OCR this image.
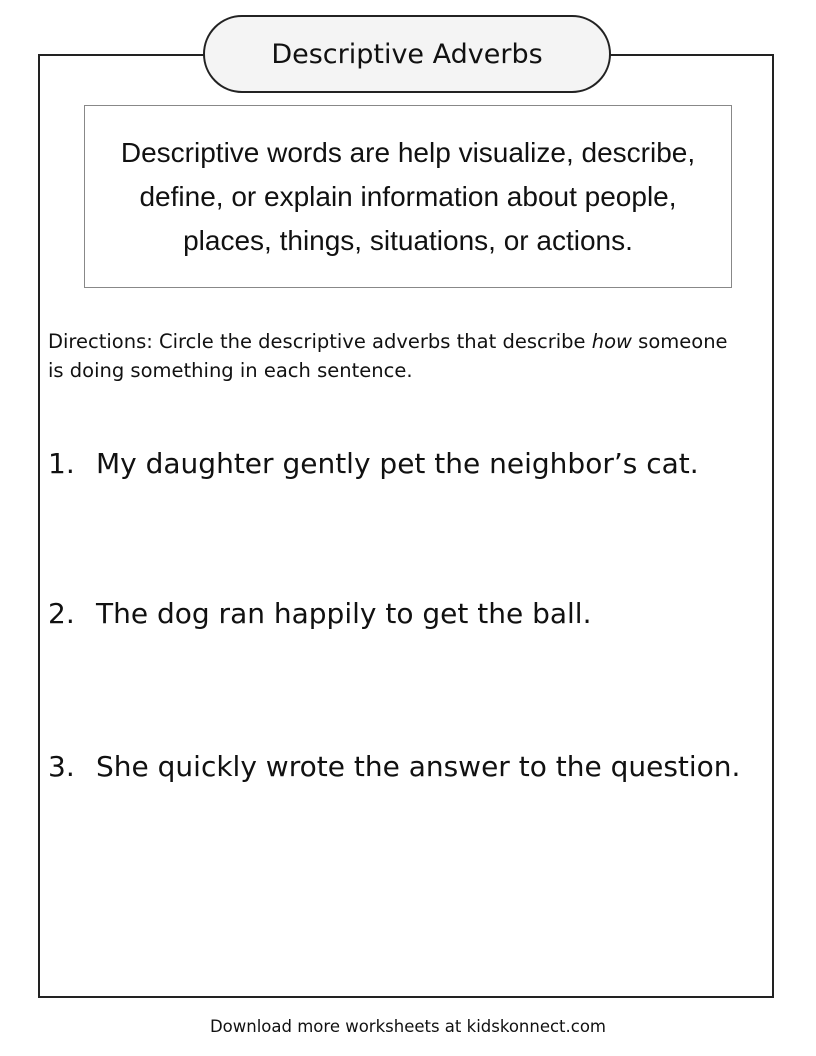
Descriptive Adverbs
Descriptive words are help visualize, describe, define, or explain information about people, places, things, situations, or actions.
Directions: Circle the descriptive adverbs that describe how someone is doing something in each sentence.
1. My daughter gently pet the neighbor’s cat.
2. The dog ran happily to get the ball.
3. She quickly wrote the answer to the question.
Download more worksheets at kidskonnect.com
